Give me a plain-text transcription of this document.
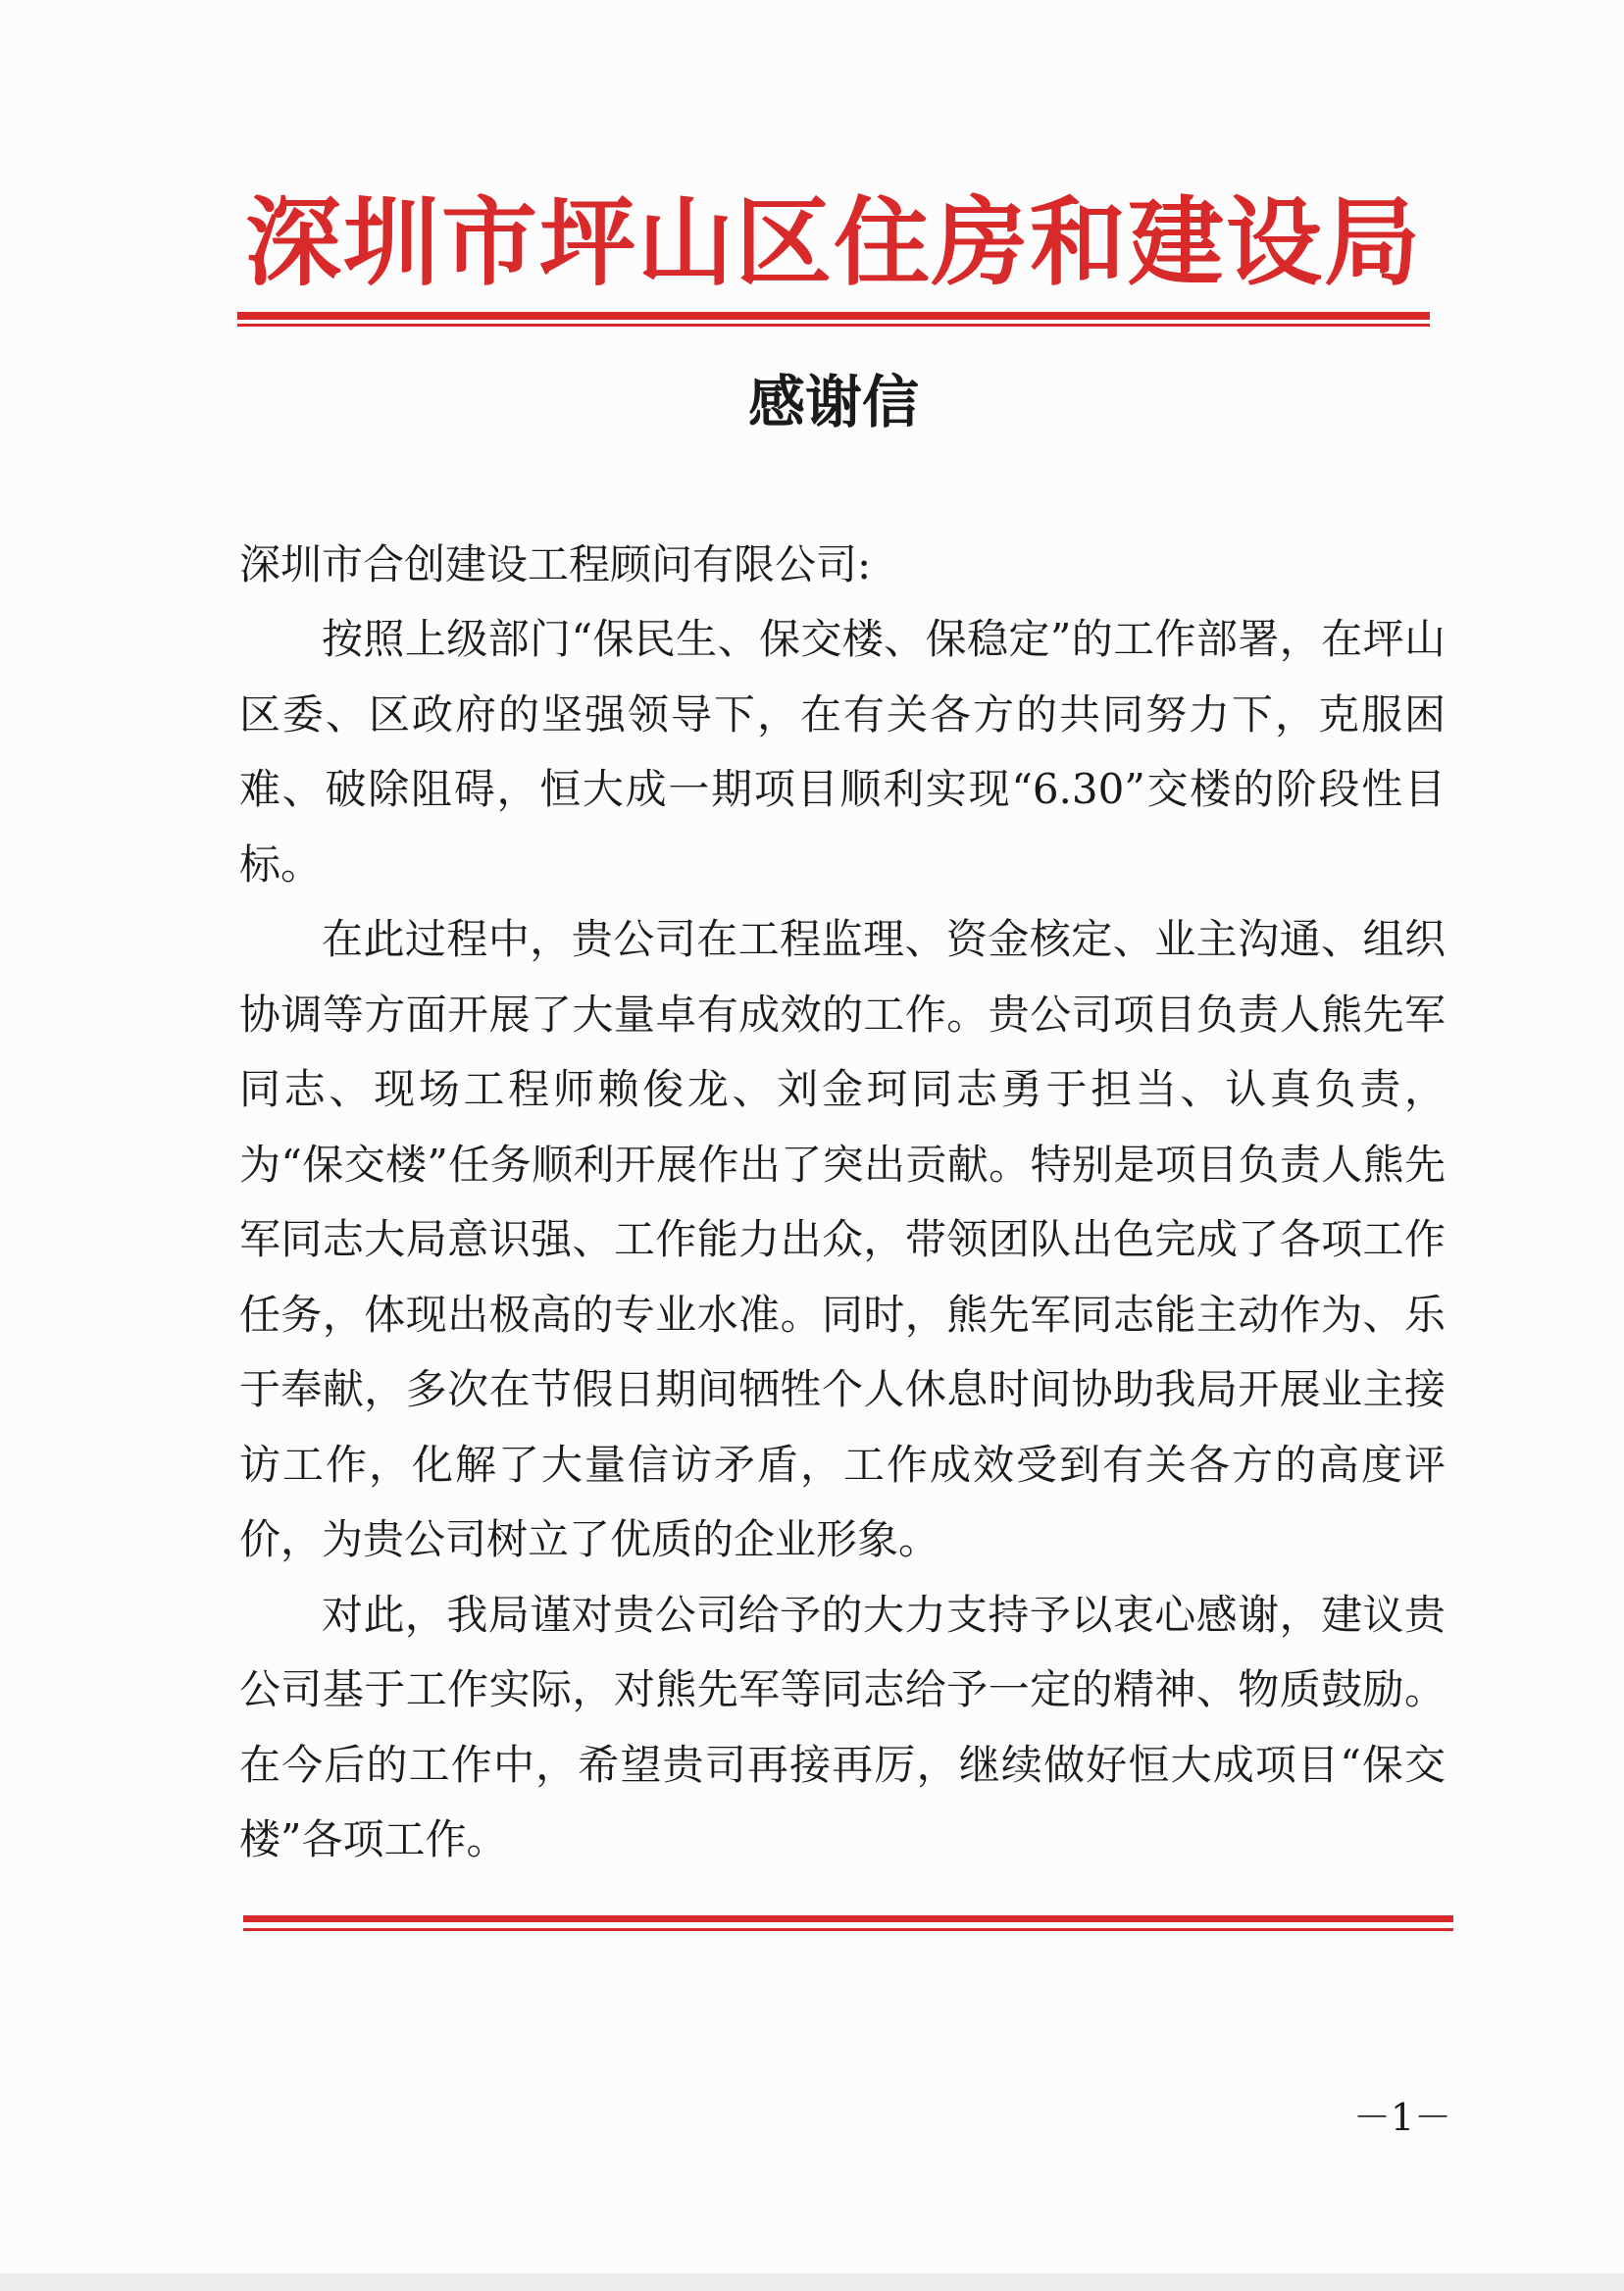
深圳市坪山区住房和建设局
感谢信
深圳市合创建设工程顾问有限公司:

按照上级部门“保民生、保交楼、保稳定”的工作部署，在坪山区委、区政府的坚强领导下，在有关各方的共同努力下，克服困难、破除阻碍，恒大成一期项目顺利实现“6.30”交楼的阶段性目标。

在此过程中，贵公司在工程监理、资金核定、业主沟通、组织协调等方面开展了大量卓有成效的工作。贵公司项目负责人熊先军同志、现场工程师赖俊龙、刘金珂同志勇于担当、认真负责，为“保交楼”任务顺利开展作出了突出贡献。特别是项目负责人熊先军同志大局意识强、工作能力出众，带领团队出色完成了各项工作任务，体现出极高的专业水准。同时，熊先军同志能主动作为、乐于奉献，多次在节假日期间牺牲个人休息时间协助我局开展业主接访工作，化解了大量信访矛盾，工作成效受到有关各方的高度评价，为贵公司树立了优质的企业形象。

对此，我局谨对贵公司给予的大力支持予以衷心感谢，建议贵公司基于工作实际，对熊先军等同志给予一定的精神、物质鼓励。在今后的工作中，希望贵司再接再厉，继续做好恒大成项目“保交楼”各项工作。

－1－
